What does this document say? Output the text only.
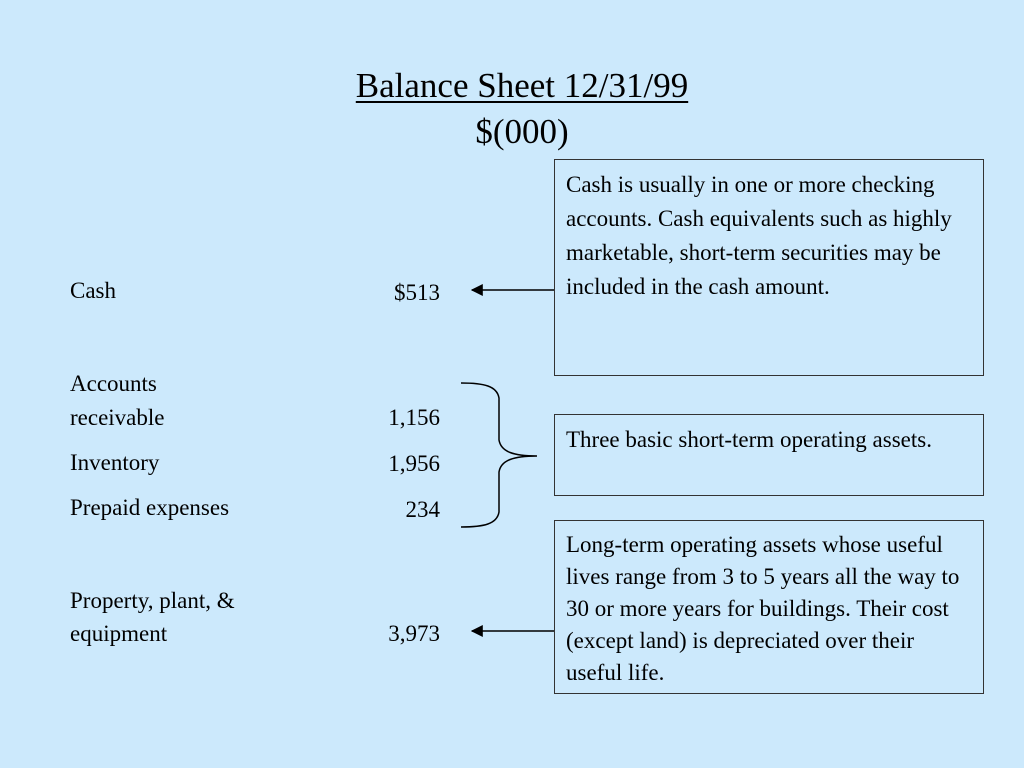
Balance Sheet 12/31/99
$(000)
Cash	$513
Accounts
receivable	1,156
Inventory	1,956
Prepaid expenses	234
Property, plant, &
equipment	3,973
Cash is usually in one or more checking accounts. Cash equivalents such as highly marketable, short-term securities may be included in the cash amount.
Three basic short-term operating assets.
Long-term operating assets whose useful lives range from 3 to 5 years all the way to 30 or more years for buildings. Their cost (except land) is depreciated over their useful life.
